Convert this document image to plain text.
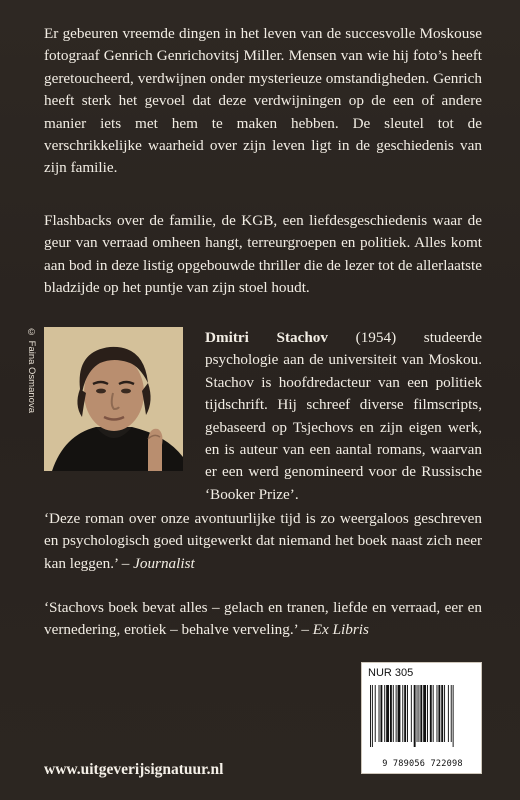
Er gebeuren vreemde dingen in het leven van de succesvolle Moskouse fotograaf Genrich Genrichovitsj Miller. Mensen van wie hij foto’s heeft geretoucheerd, verdwijnen onder mysterieuze omstandigheden. Genrich heeft sterk het gevoel dat deze verdwijningen op de een of andere manier iets met hem te maken hebben. De sleutel tot de verschrikkelijke waarheid over zijn leven ligt in de geschiedenis van zijn familie.

Flashbacks over de familie, de KGB, een liefdesgeschiedenis waar de geur van verraad omheen hangt, terreurgroepen en politiek. Alles komt aan bod in deze listig opgebouwde thriller die de lezer tot de allerlaatste bladzijde op het puntje van zijn stoel houdt.

© Faina Osmanova	Dmitri Stachov (1954) studeerde psychologie aan de universiteit van Moskou. Stachov is hoofdredacteur van een politiek tijdschrift. Hij schreef diverse filmscripts, gebaseerd op Tsjechovs en zijn eigen werk, en is auteur van een aantal romans, waarvan er een werd genomineerd voor de Russische ‘Booker Prize’.

‘Deze roman over onze avontuurlijke tijd is zo weergaloos geschreven en psychologisch goed uitgewerkt dat niemand het boek naast zich neer kan leggen.’ – Journalist

‘Stachovs boek bevat alles – gelach en tranen, liefde en verraad, eer en vernedering, erotiek – behalve verveling.’ – Ex Libris

NUR 305
9 789056 722098

www.uitgeverijsignatuur.nl
